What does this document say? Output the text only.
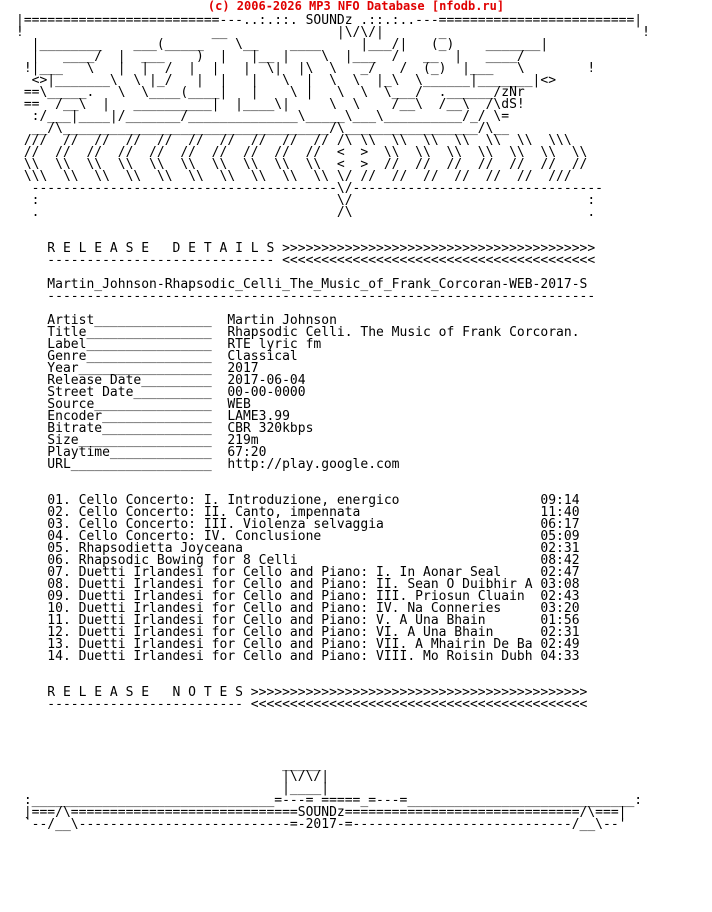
(c) 2006-2026 MP3 NFO Database [nfodb.ru]
|=========================---..:.::. SOUNDz .::.:..---=========================|
!                        __              |\/\/|       _                         !
|________    ___(_____    \__    ____     |___/|   (_)    _______|
|   ____/  |  ___    )  |   |__ |    \  |___  /   __  |   ____/
!|___   \   |  |  /  |  |   |  \|  |\  \   _/   /  (_)  |___   \        !
<>|_______\  \ |_/   |  |   |   \  |  \  \  |_\  \______|_______|<>
==\_____.   \  \____(____|   |    \ |   \  \  \___/  .______/zNr
==  /__\  |   __________|  |____\|     \  \    /__\  /__\  /\dS!
:/___|____|/_______/______________\_____\___\__________/_/ \=
__/\__________________________________/\_________________/\__
///  //  //  //  //  //  //  //  //  // /\ \\  \\  \\  \\  \\  \\  \\\
//  //  //  //  //  //  //  //  //  //  <  >  \\  \\  \\  \\  \\  \\  \\
\\  \\  \\  \\  \\  \\  \\  \\  \\  \\  <  >  //  //  //  //  //  //  //
\\\  \\  \\  \\  \\  \\  \\  \\  \\  \\ \/ //  //  //  //  //  //  ///
---------------------------------------\/--------------------------------
:                                      \/                              :
.                                      /\                              .

R E L E A S E   D E T A I L S >>>>>>>>>>>>>>>>>>>>>>>>>>>>>>>>>>>>>>>>
----------------------------- <<<<<<<<<<<<<<<<<<<<<<<<<<<<<<<<<<<<<<<<

Martin_Johnson-Rhapsodic_Celli_The_Music_of_Frank_Corcoran-WEB-2017-S
----------------------------------------------------------------------

Artist_______________  Martin Johnson
Title________________  Rhapsodic Celli. The Music of Frank Corcoran.
Label________________  RTE lyric fm
Genre________________  Classical
Year_________________  2017
Release Date_________  2017-06-04
Street Date__________  00-00-0000
Source_______________  WEB
Encoder______________  LAME3.99
Bitrate______________  CBR 320kbps
Size_________________  219m
Playtime_____________  67:20
URL__________________  http://play.google.com

01. Cello Concerto: I. Introduzione, energico                  09:14
02. Cello Concerto: II. Canto, impennata                       11:40
03. Cello Concerto: III. Violenza selvaggia                    06:17
04. Cello Concerto: IV. Conclusione                            05:09
05. Rhapsodietta Joyceana                                      02:31
06. Rhapsodic Bowing for 8 Celli                               08:42
07. Duetti Irlandesi for Cello and Piano: I. In Aonar Seal     02:47
08. Duetti Irlandesi for Cello and Piano: II. Sean O Duibhir A 03:08
09. Duetti Irlandesi for Cello and Piano: III. Priosun Cluain  02:43
10. Duetti Irlandesi for Cello and Piano: IV. Na Conneries     03:20
11. Duetti Irlandesi for Cello and Piano: V. A Una Bhain       01:56
12. Duetti Irlandesi for Cello and Piano: VI. A Una Bhain      02:31
13. Duetti Irlandesi for Cello and Piano: VII. A Mhairin De Ba 02:49
14. Duetti Irlandesi for Cello and Piano: VIII. Mo Roisin Dubh 04:33

R E L E A S E   N O T E S >>>>>>>>>>>>>>>>>>>>>>>>>>>>>>>>>>>>>>>>>>>
------------------------- <<<<<<<<<<<<<<<<<<<<<<<<<<<<<<<<<<<<<<<<<<<

_____
|\/\/|
|____|
:_______________________________=---=_=====_=---=_____________________________:
|===/\=============================SOUNDz==============================/\===|
`--/__\---------------------------=-2017-=----------------------------/__\--'
